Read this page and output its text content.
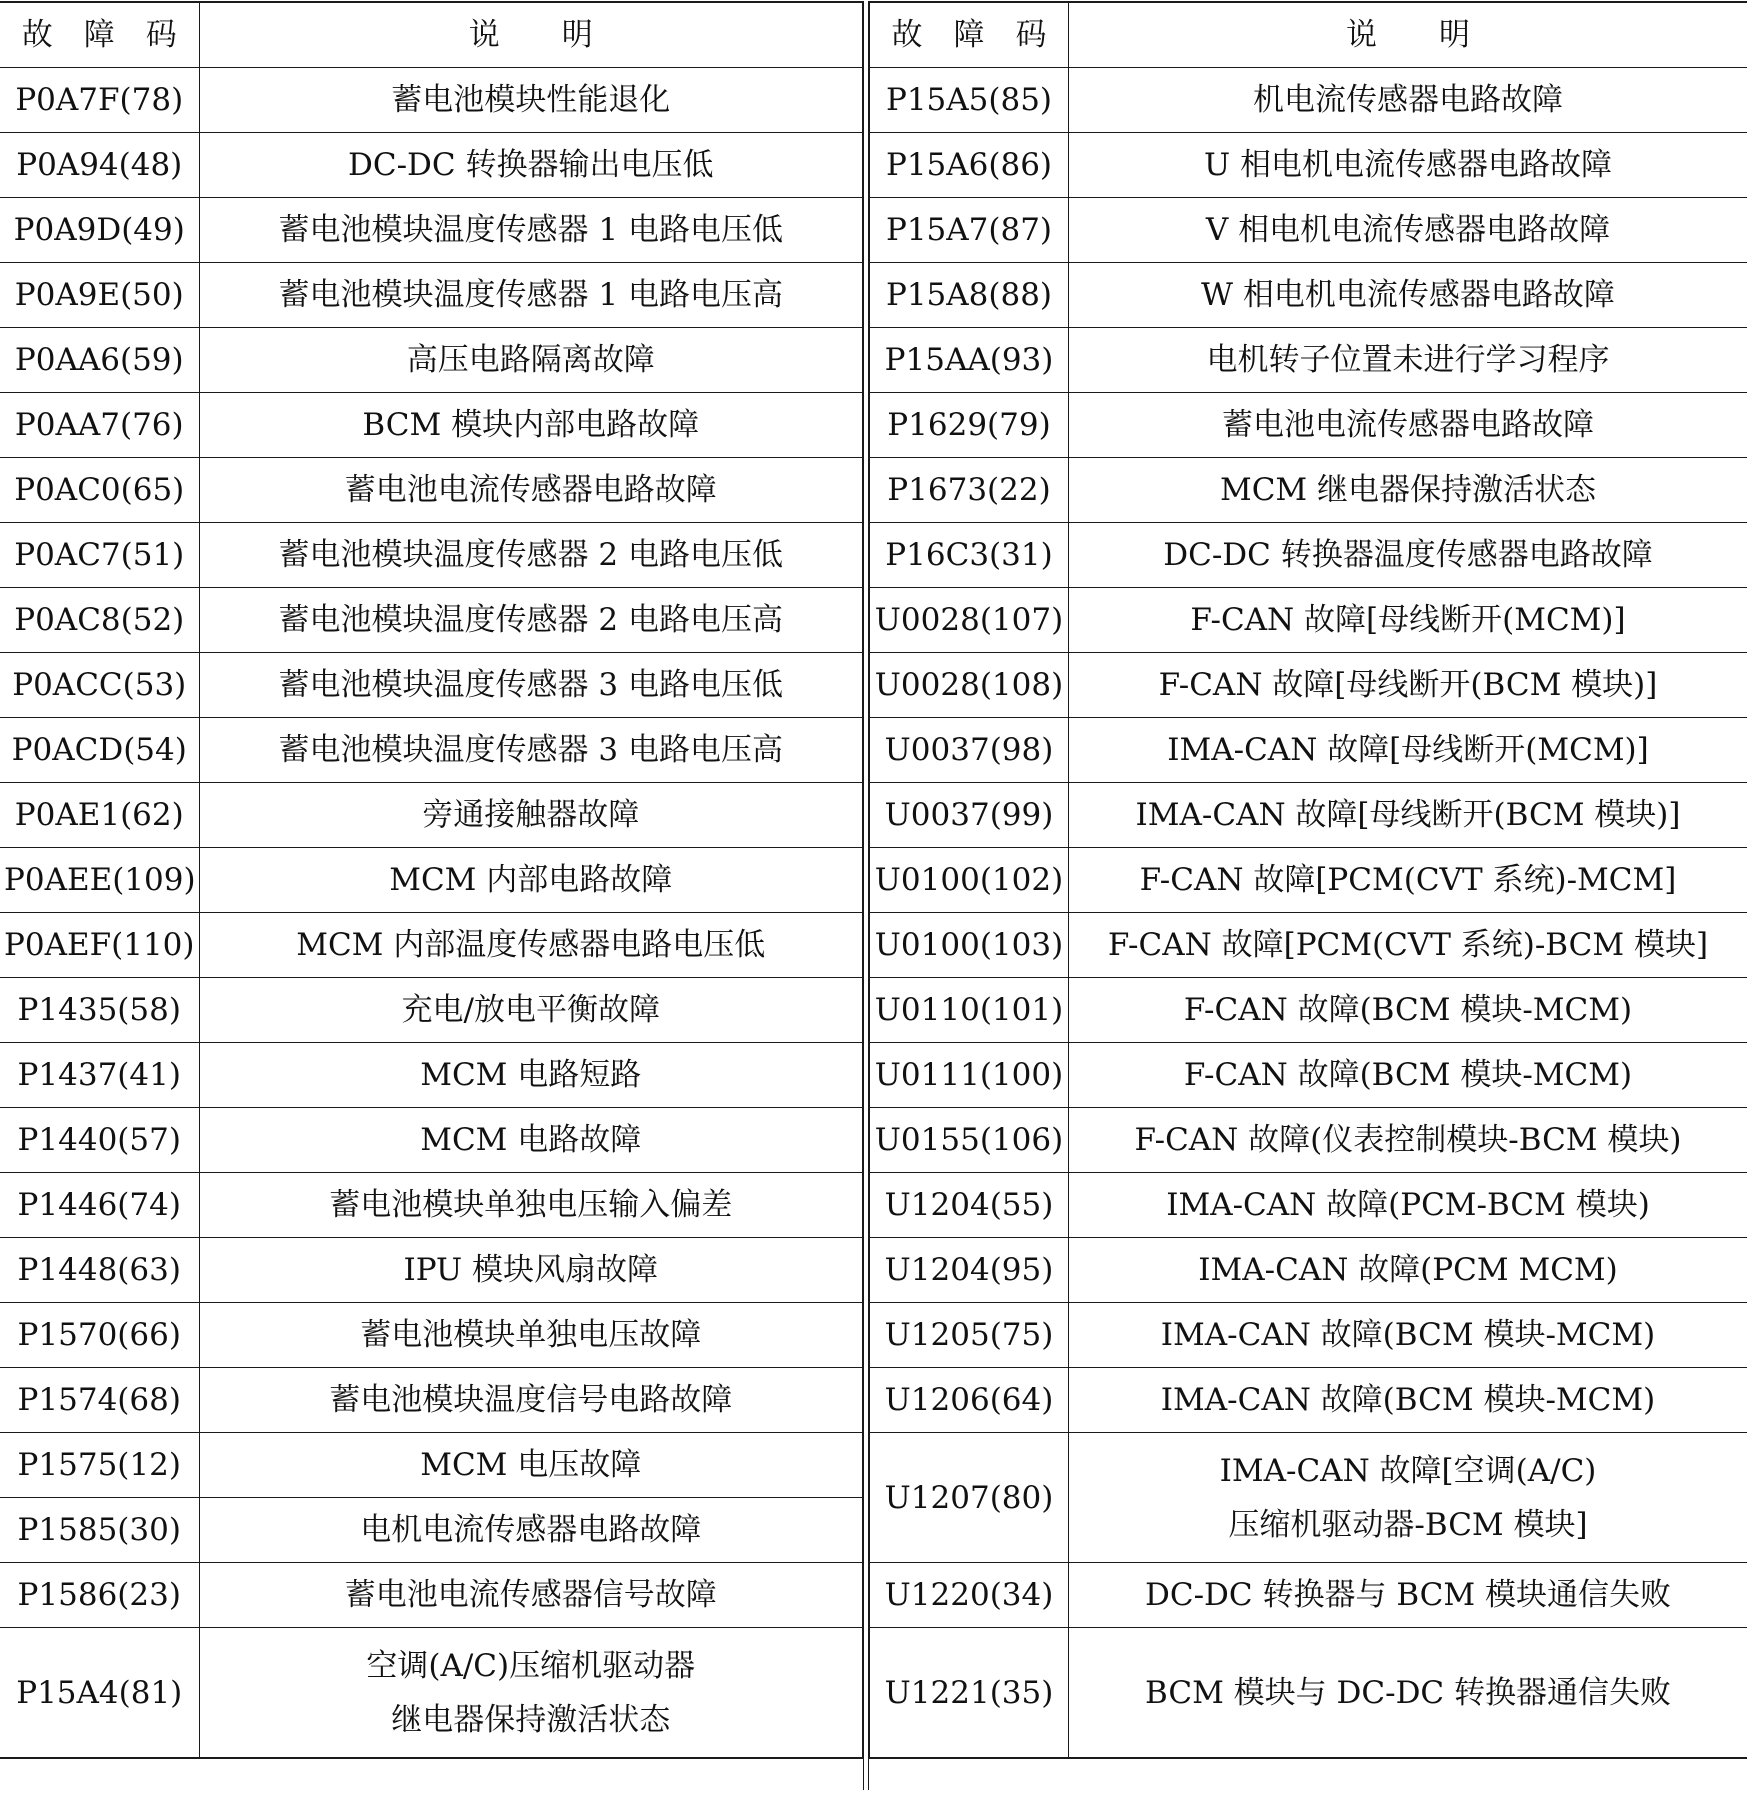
故　障　码	说　　明
P0A7F(78)	蓄电池模块性能退化
P0A94(48)	DC-DC 转换器输出电压低
P0A9D(49)	蓄电池模块温度传感器 1 电路电压低
P0A9E(50)	蓄电池模块温度传感器 1 电路电压高
P0AA6(59)	高压电路隔离故障
P0AA7(76)	BCM 模块内部电路故障
P0AC0(65)	蓄电池电流传感器电路故障
P0AC7(51)	蓄电池模块温度传感器 2 电路电压低
P0AC8(52)	蓄电池模块温度传感器 2 电路电压高
P0ACC(53)	蓄电池模块温度传感器 3 电路电压低
P0ACD(54)	蓄电池模块温度传感器 3 电路电压高
P0AE1(62)	旁通接触器故障
P0AEE(109)	MCM 内部电路故障
P0AEF(110)	MCM 内部温度传感器电路电压低
P1435(58)	充电/放电平衡故障
P1437(41)	MCM 电路短路
P1440(57)	MCM 电路故障
P1446(74)	蓄电池模块单独电压输入偏差
P1448(63)	IPU 模块风扇故障
P1570(66)	蓄电池模块单独电压故障
P1574(68)	蓄电池模块温度信号电路故障
P1575(12)	MCM 电压故障
P1585(30)	电机电流传感器电路故障
P1586(23)	蓄电池电流传感器信号故障
P15A4(81)	空调(A/C)压缩机驱动器
继电器保持激活状态
故　障　码	说　　明
P15A5(85)	机电流传感器电路故障
P15A6(86)	U 相电机电流传感器电路故障
P15A7(87)	V 相电机电流传感器电路故障
P15A8(88)	W 相电机电流传感器电路故障
P15AA(93)	电机转子位置未进行学习程序
P1629(79)	蓄电池电流传感器电路故障
P1673(22)	MCM 继电器保持激活状态
P16C3(31)	DC-DC 转换器温度传感器电路故障
U0028(107)	F-CAN 故障[母线断开(MCM)]
U0028(108)	F-CAN 故障[母线断开(BCM 模块)]
U0037(98)	IMA-CAN 故障[母线断开(MCM)]
U0037(99)	IMA-CAN 故障[母线断开(BCM 模块)]
U0100(102)	F-CAN 故障[PCM(CVT 系统)-MCM]
U0100(103)	F-CAN 故障[PCM(CVT 系统)-BCM 模块]
U0110(101)	F-CAN 故障(BCM 模块-MCM)
U0111(100)	F-CAN 故障(BCM 模块-MCM)
U0155(106)	F-CAN 故障(仪表控制模块-BCM 模块)
U1204(55)	IMA-CAN 故障(PCM-BCM 模块)
U1204(95)	IMA-CAN 故障(PCM MCM)
U1205(75)	IMA-CAN 故障(BCM 模块-MCM)
U1206(64)	IMA-CAN 故障(BCM 模块-MCM)
U1207(80)	IMA-CAN 故障[空调(A/C)
压缩机驱动器-BCM 模块]

U1220(34)	DC-DC 转换器与 BCM 模块通信失败
U1221(35)	BCM 模块与 DC-DC 转换器通信失败
